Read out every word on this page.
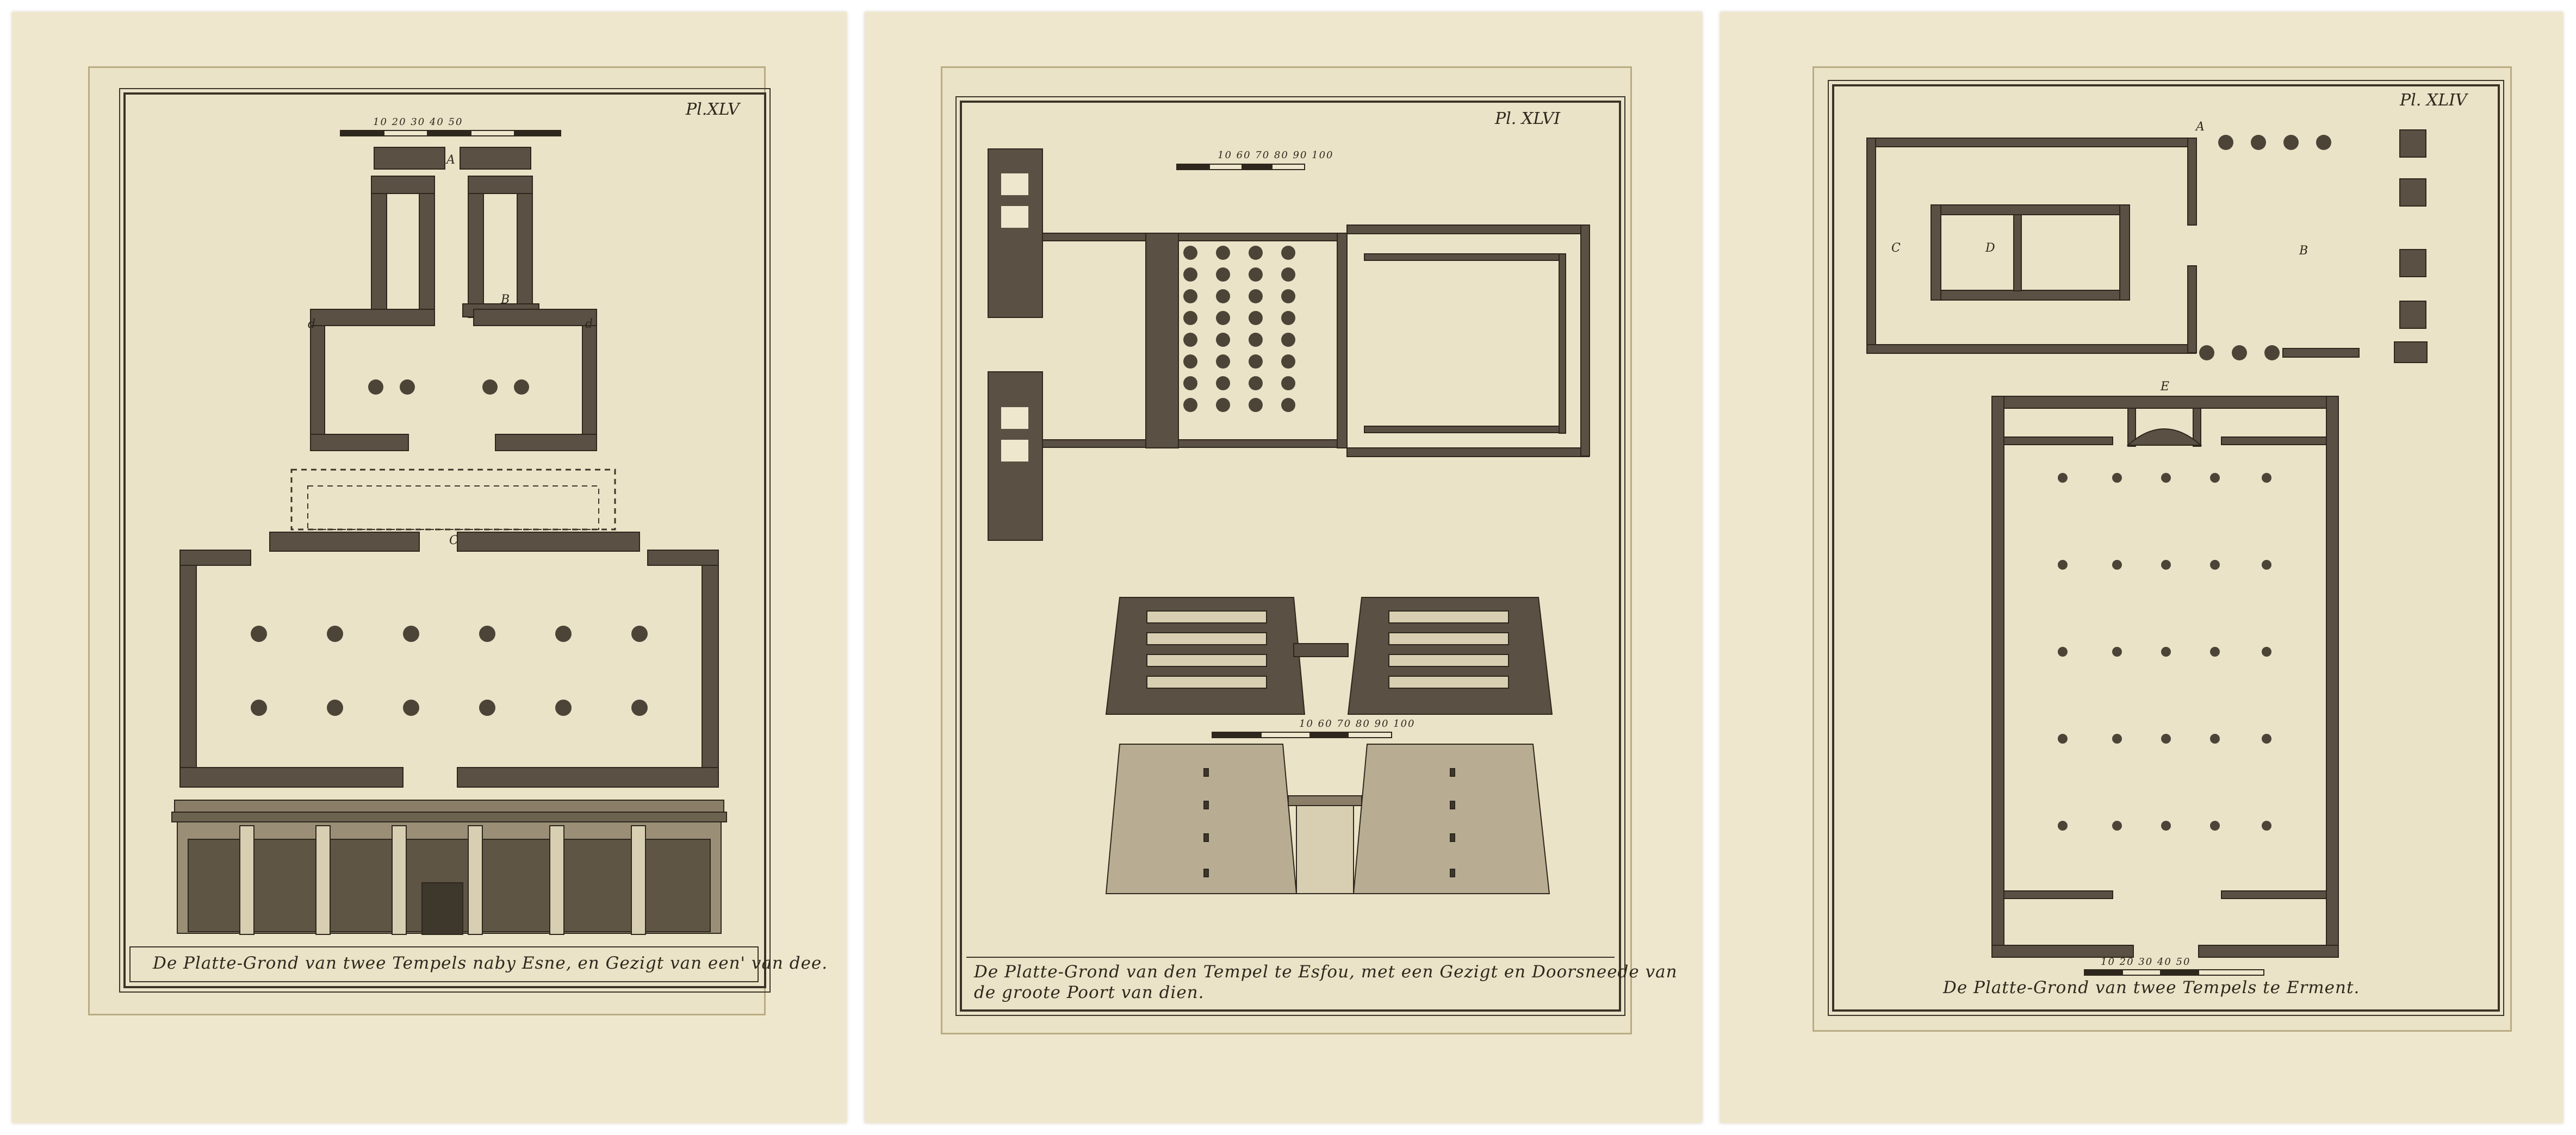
10 20 30 40 50
Pl.XLV
A
B
C
d	d
De Platte-Grond van twee Tempels naby Esne, en Gezigt van een' van dee.
10 60 70 80 90 100
10 60 70 80 90 100
Pl. XLVI
De Platte-Grond van den Tempel te Esfou, met een Gezigt en Doorsneede van
de groote Poort van dien.
10 20 30 40 50
Pl. XLIV
A
B
C	D
E
De Platte-Grond van twee Tempels te Erment.
